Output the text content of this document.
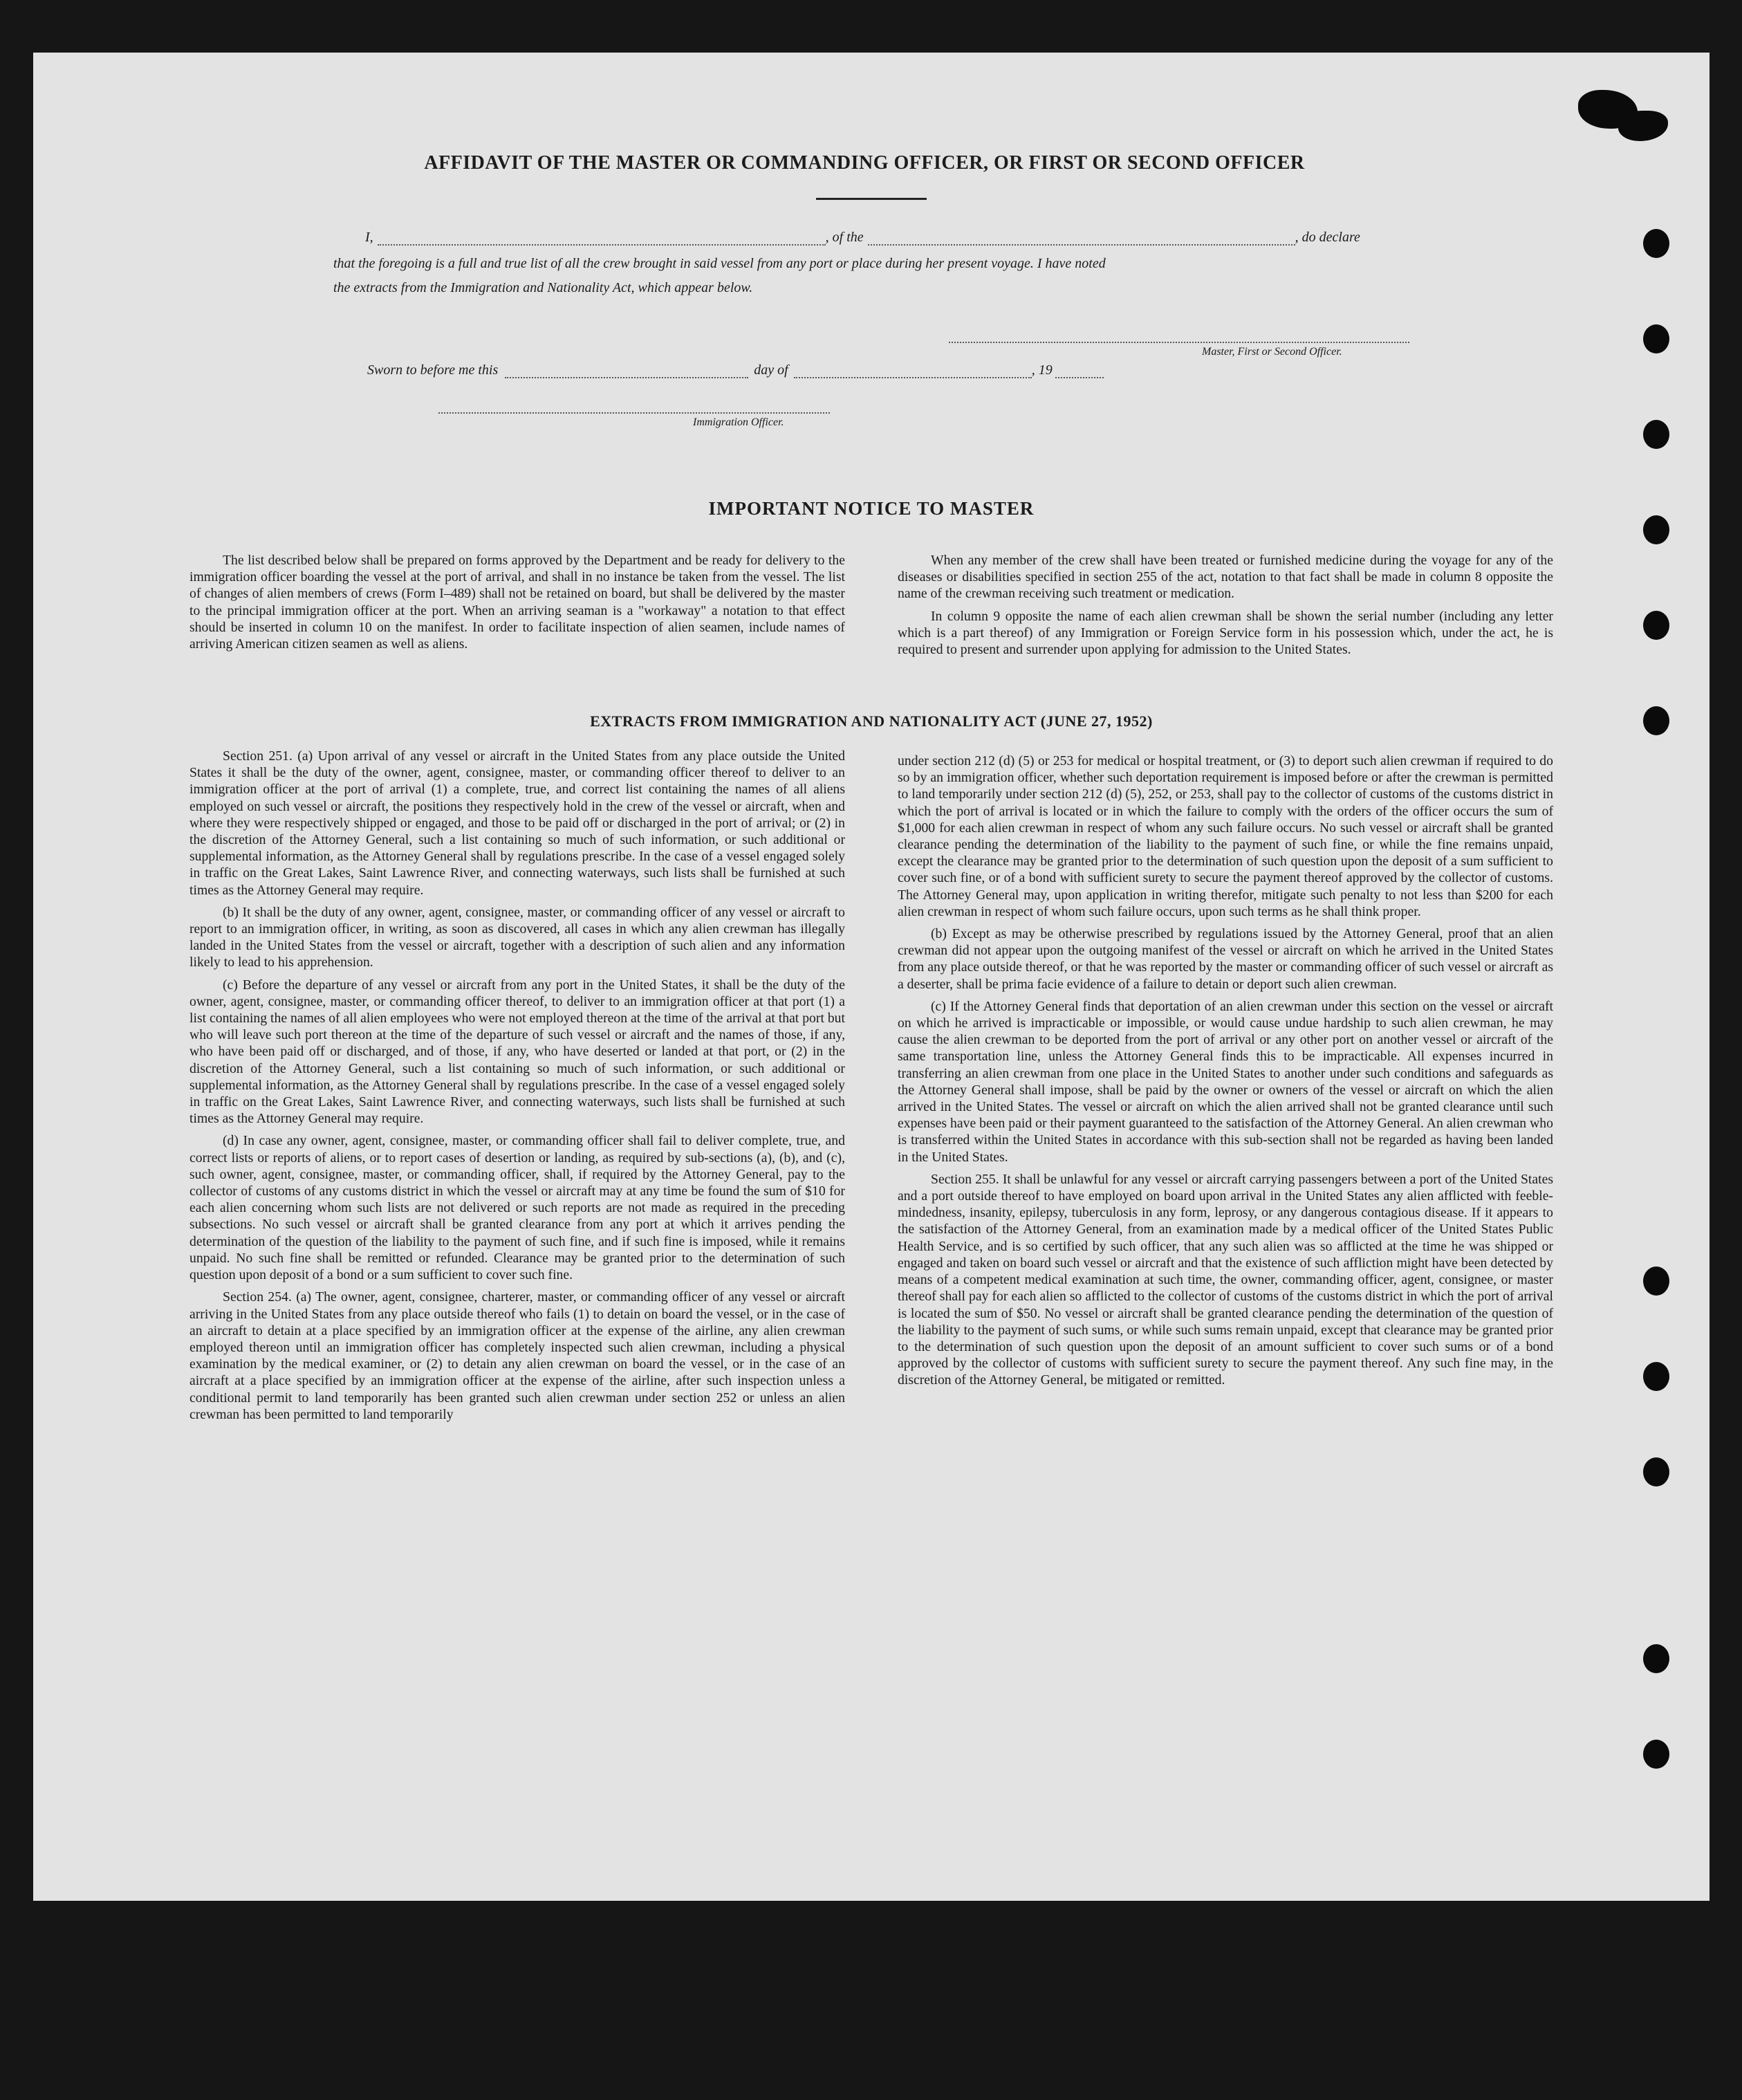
AFFIDAVIT OF THE MASTER OR COMMANDING OFFICER, OR FIRST OR SECOND OFFICER
I,	, of the	, do declare
that the foregoing is a full and true list of all the crew brought in said vessel from any port or place during her present voyage. I have noted
the extracts from the Immigration and Nationality Act, which appear below.
Master, First or Second Officer.
Sworn to before me this	day of	, 19
Immigration Officer.
IMPORTANT NOTICE TO MASTER

The list described below shall be prepared on forms approved by the Department and be ready for delivery to the immigration officer boarding the vessel at the port of arrival, and shall in no instance be taken from the vessel. The list of changes of alien members of crews (Form I–489) shall not be retained on board, but shall be delivered by the master to the principal immigration officer at the port. When an arriving seaman is a "workaway" a notation to that effect should be inserted in column 10 on the manifest. In order to facilitate inspection of alien seamen, include names of arriving American citizen seamen as well as aliens.

When any member of the crew shall have been treated or furnished medicine during the voyage for any of the diseases or disabilities specified in section 255 of the act, notation to that fact shall be made in column 8 opposite the name of the crewman receiving such treatment or medication.

In column 9 opposite the name of each alien crewman shall be shown the serial number (including any letter which is a part thereof) of any Immigration or Foreign Service form in his possession which, under the act, he is required to present and surrender upon applying for admission to the United States.

EXTRACTS FROM IMMIGRATION AND NATIONALITY ACT (JUNE 27, 1952)

Section 251. (a) Upon arrival of any vessel or aircraft in the United States from any place outside the United States it shall be the duty of the owner, agent, consignee, master, or commanding officer thereof to deliver to an immigration officer at the port of arrival (1) a complete, true, and correct list containing the names of all aliens employed on such vessel or aircraft, the positions they respectively hold in the crew of the vessel or aircraft, when and where they were respectively shipped or engaged, and those to be paid off or discharged in the port of arrival; or (2) in the discretion of the Attorney General, such a list containing so much of such information, or such additional or supplemental information, as the Attorney General shall by regulations prescribe. In the case of a vessel engaged solely in traffic on the Great Lakes, Saint Lawrence River, and connecting waterways, such lists shall be furnished at such times as the Attorney General may require.

(b) It shall be the duty of any owner, agent, consignee, master, or commanding officer of any vessel or aircraft to report to an immigration officer, in writing, as soon as discovered, all cases in which any alien crewman has illegally landed in the United States from the vessel or aircraft, together with a description of such alien and any information likely to lead to his apprehension.

(c) Before the departure of any vessel or aircraft from any port in the United States, it shall be the duty of the owner, agent, consignee, master, or commanding officer thereof, to deliver to an immigration officer at that port (1) a list containing the names of all alien employees who were not employed thereon at the time of the arrival at that port but who will leave such port thereon at the time of the departure of such vessel or aircraft and the names of those, if any, who have been paid off or discharged, and of those, if any, who have deserted or landed at that port, or (2) in the discretion of the Attorney General, such a list containing so much of such information, or such additional or supplemental information, as the Attorney General shall by regulations prescribe. In the case of a vessel engaged solely in traffic on the Great Lakes, Saint Lawrence River, and connecting waterways, such lists shall be furnished at such times as the Attorney General may require.

(d) In case any owner, agent, consignee, master, or commanding officer shall fail to deliver complete, true, and correct lists or reports of aliens, or to report cases of desertion or landing, as required by sub-sections (a), (b), and (c), such owner, agent, consignee, master, or commanding officer, shall, if required by the Attorney General, pay to the collector of customs of any customs district in which the vessel or aircraft may at any time be found the sum of $10 for each alien concerning whom such lists are not delivered or such reports are not made as required in the preceding subsections. No such vessel or aircraft shall be granted clearance from any port at which it arrives pending the determination of the question of the liability to the payment of such fine, and if such fine is imposed, while it remains unpaid. No such fine shall be remitted or refunded. Clearance may be granted prior to the determination of such question upon deposit of a bond or a sum sufficient to cover such fine.

Section 254. (a) The owner, agent, consignee, charterer, master, or commanding officer of any vessel or aircraft arriving in the United States from any place outside thereof who fails (1) to detain on board the vessel, or in the case of an aircraft to detain at a place specified by an immigration officer at the expense of the airline, any alien crewman employed thereon until an immigration officer has completely inspected such alien crewman, including a physical examination by the medical examiner, or (2) to detain any alien crewman on board the vessel, or in the case of an aircraft at a place specified by an immigration officer at the expense of the airline, after such inspection unless a conditional permit to land temporarily has been granted such alien crewman under section 252 or unless an alien crewman has been permitted to land temporarily

under section 212 (d) (5) or 253 for medical or hospital treatment, or (3) to deport such alien crewman if required to do so by an immigration officer, whether such deportation requirement is imposed before or after the crewman is permitted to land temporarily under section 212 (d) (5), 252, or 253, shall pay to the collector of customs of the customs district in which the port of arrival is located or in which the failure to comply with the orders of the officer occurs the sum of $1,000 for each alien crewman in respect of whom any such failure occurs. No such vessel or aircraft shall be granted clearance pending the determination of the liability to the payment of such fine, or while the fine remains unpaid, except the clearance may be granted prior to the determination of such question upon the deposit of a sum sufficient to cover such fine, or of a bond with sufficient surety to secure the payment thereof approved by the collector of customs. The Attorney General may, upon application in writing therefor, mitigate such penalty to not less than $200 for each alien crewman in respect of whom such failure occurs, upon such terms as he shall think proper.

(b) Except as may be otherwise prescribed by regulations issued by the Attorney General, proof that an alien crewman did not appear upon the outgoing manifest of the vessel or aircraft on which he arrived in the United States from any place outside thereof, or that he was reported by the master or commanding officer of such vessel or aircraft as a deserter, shall be prima facie evidence of a failure to detain or deport such alien crewman.

(c) If the Attorney General finds that deportation of an alien crewman under this section on the vessel or aircraft on which he arrived is impracticable or impossible, or would cause undue hardship to such alien crewman, he may cause the alien crewman to be deported from the port of arrival or any other port on another vessel or aircraft of the same transportation line, unless the Attorney General finds this to be impracticable. All expenses incurred in transferring an alien crewman from one place in the United States to another under such conditions and safeguards as the Attorney General shall impose, shall be paid by the owner or owners of the vessel or aircraft on which the alien arrived in the United States. The vessel or aircraft on which the alien arrived shall not be granted clearance until such expenses have been paid or their payment guaranteed to the satisfaction of the Attorney General. An alien crewman who is transferred within the United States in accordance with this sub-section shall not be regarded as having been landed in the United States.

Section 255. It shall be unlawful for any vessel or aircraft carrying passengers between a port of the United States and a port outside thereof to have employed on board upon arrival in the United States any alien afflicted with feeble-mindedness, insanity, epilepsy, tuberculosis in any form, leprosy, or any dangerous contagious disease. If it appears to the satisfaction of the Attorney General, from an examination made by a medical officer of the United States Public Health Service, and is so certified by such officer, that any such alien was so afflicted at the time he was shipped or engaged and taken on board such vessel or aircraft and that the existence of such affliction might have been detected by means of a competent medical examination at such time, the owner, commanding officer, agent, consignee, or master thereof shall pay for each alien so afflicted to the collector of customs of the customs district in which the port of arrival is located the sum of $50. No vessel or aircraft shall be granted clearance pending the determination of the question of the liability to the payment of such sums, or while such sums remain unpaid, except that clearance may be granted prior to the determination of such question upon the deposit of an amount sufficient to cover such sums or of a bond approved by the collector of customs with sufficient surety to secure the payment thereof. Any such fine may, in the discretion of the Attorney General, be mitigated or remitted.
